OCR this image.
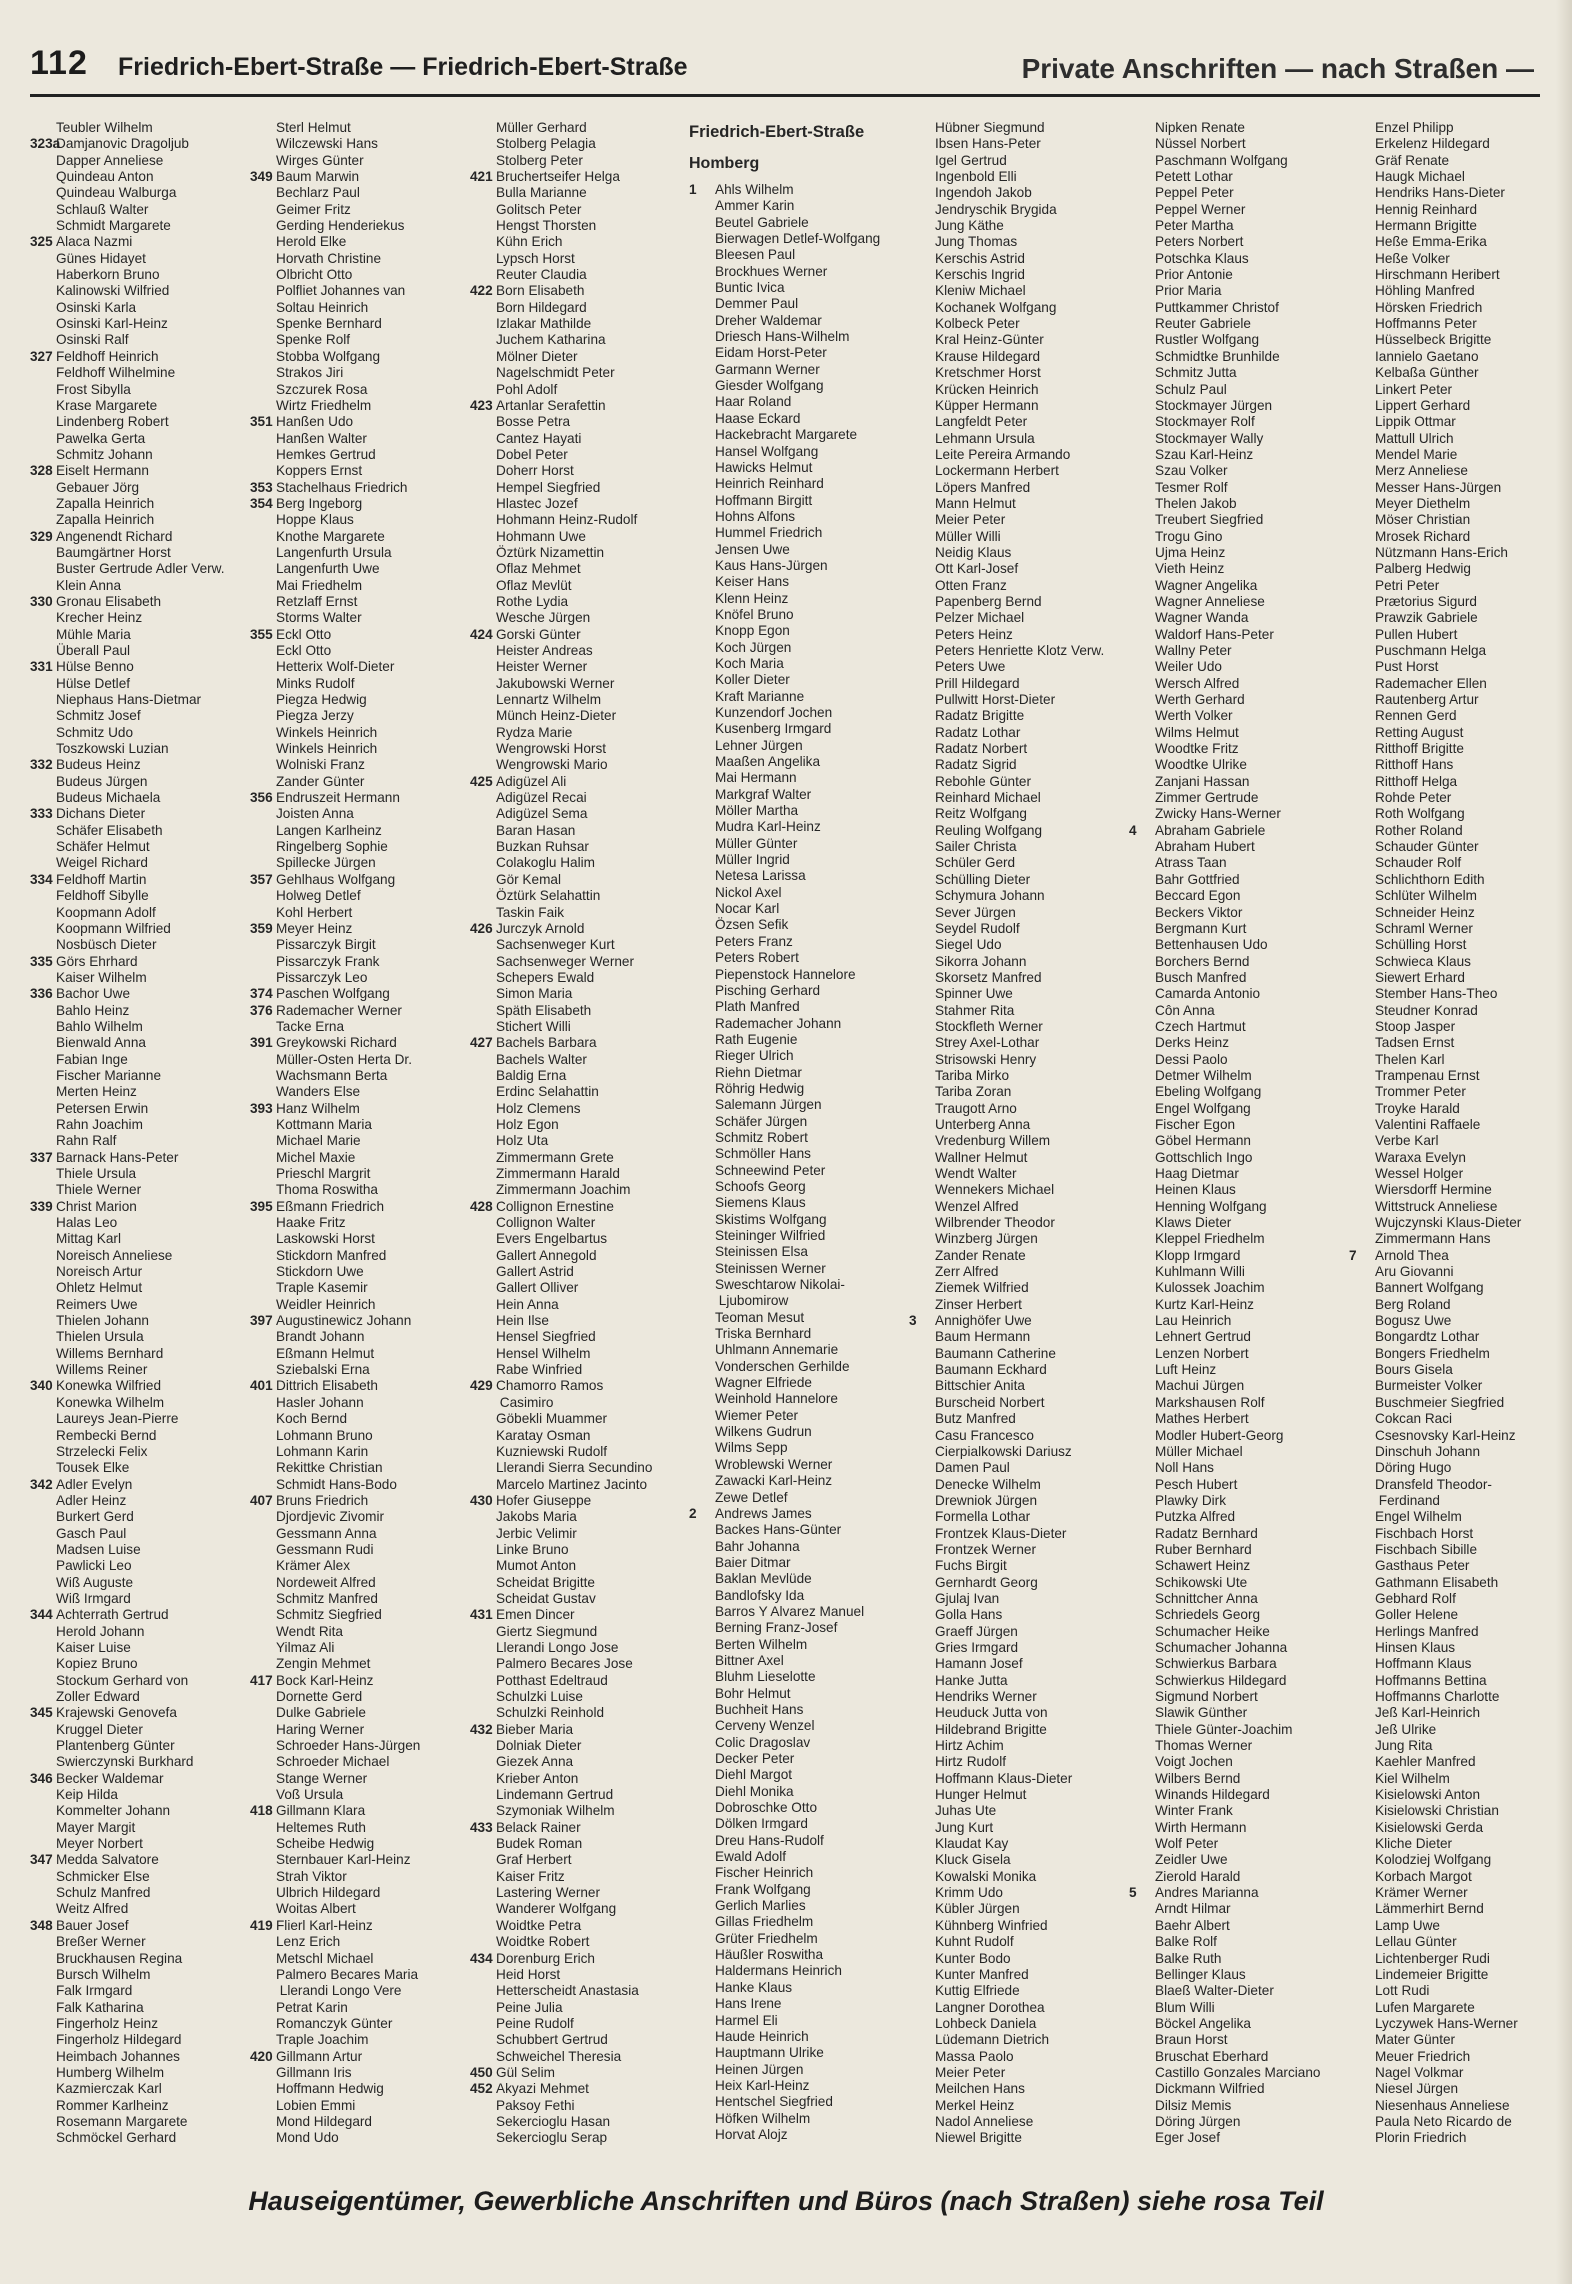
112 Friedrich-Ebert-Straße — Friedrich-Ebert-Straße	Private Anschriften — nach Straßen —
Teubler Wilhelm
323aDamjanovic Dragoljub
Dapper Anneliese
Quindeau Anton
Quindeau Walburga
Schlauß Walter
Schmidt Margarete
325 Alaca Nazmi
Günes Hidayet
Haberkorn Bruno
Kalinowski Wilfried
Osinski Karla
Osinski Karl-Heinz
Osinski Ralf
327 Feldhoff Heinrich
Feldhoff Wilhelmine
Frost Sibylla
Krase Margarete
Lindenberg Robert
Pawelka Gerta
Schmitz Johann
328 Eiselt Hermann
Gebauer Jörg
Zapalla Heinrich
Zapalla Heinrich
329 Angenendt Richard
Baumgärtner Horst
Buster Gertrude Adler Verw.
Klein Anna
330 Gronau Elisabeth
Krecher Heinz
Mühle Maria
Überall Paul
331 Hülse Benno
Hülse Detlef
Niephaus Hans-Dietmar
Schmitz Josef
Schmitz Udo
Toszkowski Luzian
332 Budeus Heinz
Budeus Jürgen
Budeus Michaela
333 Dichans Dieter
Schäfer Elisabeth
Schäfer Helmut
Weigel Richard
334 Feldhoff Martin
Feldhoff Sibylle
Koopmann Adolf
Koopmann Wilfried
Nosbüsch Dieter
335 Görs Ehrhard
Kaiser Wilhelm
336 Bachor Uwe
Bahlo Heinz
Bahlo Wilhelm
Bienwald Anna
Fabian Inge
Fischer Marianne
Merten Heinz
Petersen Erwin
Rahn Joachim
Rahn Ralf
337 Barnack Hans-Peter
Thiele Ursula
Thiele Werner
339 Christ Marion
Halas Leo
Mittag Karl
Noreisch Anneliese
Noreisch Artur
Ohletz Helmut
Reimers Uwe
Thielen Johann
Thielen Ursula
Willems Bernhard
Willems Reiner
340 Konewka Wilfried
Konewka Wilhelm
Laureys Jean-Pierre
Rembecki Bernd
Strzelecki Felix
Tousek Elke
342 Adler Evelyn
Adler Heinz
Burkert Gerd
Gasch Paul
Madsen Luise
Pawlicki Leo
Wiß Auguste
Wiß Irmgard
344 Achterrath Gertrud
Herold Johann
Kaiser Luise
Kopiez Bruno
Stockum Gerhard von
Zoller Edward
345 Krajewski Genovefa
Kruggel Dieter
Plantenberg Günter
Swierczynski Burkhard
346 Becker Waldemar
Keip Hilda
Kommelter Johann
Mayer Margit
Meyer Norbert
347 Medda Salvatore
Schmicker Else
Schulz Manfred
Weitz Alfred
348 Bauer Josef
Breßer Werner
Bruckhausen Regina
Bursch Wilhelm
Falk Irmgard
Falk Katharina
Fingerholz Heinz
Fingerholz Hildegard
Heimbach Johannes
Humberg Wilhelm
Kazmierczak Karl
Rommer Karlheinz
Rosemann Margarete
Schmöckel Gerhard
Sterl Helmut
Wilczewski Hans
Wirges Günter
349 Baum Marwin
Bechlarz Paul
Geimer Fritz
Gerding Henderiekus
Herold Elke
Horvath Christine
Olbricht Otto
Polfliet Johannes van
Soltau Heinrich
Spenke Bernhard
Spenke Rolf
Stobba Wolfgang
Strakos Jiri
Szczurek Rosa
Wirtz Friedhelm
351 Hanßen Udo
Hanßen Walter
Hemkes Gertrud
Koppers Ernst
353 Stachelhaus Friedrich
354 Berg Ingeborg
Hoppe Klaus
Knothe Margarete
Langenfurth Ursula
Langenfurth Uwe
Mai Friedhelm
Retzlaff Ernst
Storms Walter
355 Eckl Otto
Eckl Otto
Hetterix Wolf-Dieter
Minks Rudolf
Piegza Hedwig
Piegza Jerzy
Winkels Heinrich
Winkels Heinrich
Wolniski Franz
Zander Günter
356 Endruszeit Hermann
Joisten Anna
Langen Karlheinz
Ringelberg Sophie
Spillecke Jürgen
357 Gehlhaus Wolfgang
Holweg Detlef
Kohl Herbert
359 Meyer Heinz
Pissarczyk Birgit
Pissarczyk Frank
Pissarczyk Leo
374 Paschen Wolfgang
376 Rademacher Werner
Tacke Erna
391 Greykowski Richard
Müller-Osten Herta Dr.
Wachsmann Berta
Wanders Else
393 Hanz Wilhelm
Kottmann Maria
Michael Marie
Michel Maxie
Prieschl Margrit
Thoma Roswitha
395 Eßmann Friedrich
Haake Fritz
Laskowski Horst
Stickdorn Manfred
Stickdorn Uwe
Traple Kasemir
Weidler Heinrich
397 Augustinewicz Johann
Brandt Johann
Eßmann Helmut
Sziebalski Erna
401 Dittrich Elisabeth
Hasler Johann
Koch Bernd
Lohmann Bruno
Lohmann Karin
Rekittke Christian
Schmidt Hans-Bodo
407 Bruns Friedrich
Djordjevic Zivomir
Gessmann Anna
Gessmann Rudi
Krämer Alex
Nordeweit Alfred
Schmitz Manfred
Schmitz Siegfried
Wendt Rita
Yilmaz Ali
Zengin Mehmet
417 Bock Karl-Heinz
Dornette Gerd
Dulke Gabriele
Haring Werner
Schroeder Hans-Jürgen
Schroeder Michael
Stange Werner
Voß Ursula
418 Gillmann Klara
Heltemes Ruth
Scheibe Hedwig
Sternbauer Karl-Heinz
Strah Viktor
Ulbrich Hildegard
Woitas Albert
419 Flierl Karl-Heinz
Lenz Erich
Metschl Michael
Palmero Becares Maria
Llerandi Longo Vere
Petrat Karin
Romanczyk Günter
Traple Joachim
420 Gillmann Artur
Gillmann Iris
Hoffmann Hedwig
Lobien Emmi
Mond Hildegard
Mond Udo
Müller Gerhard
Stolberg Pelagia
Stolberg Peter
421 Bruchertseifer Helga
Bulla Marianne
Golitsch Peter
Hengst Thorsten
Kühn Erich
Lypsch Horst
Reuter Claudia
422 Born Elisabeth
Born Hildegard
Izlakar Mathilde
Juchem Katharina
Mölner Dieter
Nagelschmidt Peter
Pohl Adolf
423 Artanlar Serafettin
Bosse Petra
Cantez Hayati
Dobel Peter
Doherr Horst
Hempel Siegfried
Hlastec Jozef
Hohmann Heinz-Rudolf
Hohmann Uwe
Öztürk Nizamettin
Oflaz Mehmet
Oflaz Mevlüt
Rothe Lydia
Wesche Jürgen
424 Gorski Günter
Heister Andreas
Heister Werner
Jakubowski Werner
Lennartz Wilhelm
Münch Heinz-Dieter
Rydza Marie
Wengrowski Horst
Wengrowski Mario
425 Adigüzel Ali
Adigüzel Recai
Adigüzel Sema
Baran Hasan
Buzkan Ruhsar
Colakoglu Halim
Gör Kemal
Öztürk Selahattin
Taskin Faik
426 Jurczyk Arnold
Sachsenweger Kurt
Sachsenweger Werner
Schepers Ewald
Simon Maria
Späth Elisabeth
Stichert Willi
427 Bachels Barbara
Bachels Walter
Baldig Erna
Erdinc Selahattin
Holz Clemens
Holz Egon
Holz Uta
Zimmermann Grete
Zimmermann Harald
Zimmermann Joachim
428 Collignon Ernestine
Collignon Walter
Evers Engelbartus
Gallert Annegold
Gallert Astrid
Gallert Olliver
Hein Anna
Hein Ilse
Hensel Siegfried
Hensel Wilhelm
Rabe Winfried
429 Chamorro Ramos
Casimiro
Göbekli Muammer
Karatay Osman
Kuzniewski Rudolf
Llerandi Sierra Secundino
Marcelo Martinez Jacinto
430 Hofer Giuseppe
Jakobs Maria
Jerbic Velimir
Linke Bruno
Mumot Anton
Scheidat Brigitte
Scheidat Gustav
431 Emen Dincer
Giertz Siegmund
Llerandi Longo Jose
Palmero Becares Jose
Potthast Edeltraud
Schulzki Luise
Schulzki Reinhold
432 Bieber Maria
Dolniak Dieter
Giezek Anna
Krieber Anton
Lindemann Gertrud
Szymoniak Wilhelm
433 Belack Rainer
Budek Roman
Graf Herbert
Kaiser Fritz
Lastering Werner
Wanderer Wolfgang
Woidtke Petra
Woidtke Robert
434 Dorenburg Erich
Heid Horst
Hetterscheidt Anastasia
Peine Julia
Peine Rudolf
Schubbert Gertrud
Schweichel Theresia
450 Gül Selim
452 Akyazi Mehmet
Paksoy Fethi
Sekercioglu Hasan
Sekercioglu Serap
Friedrich-Ebert-Straße
Homberg
1 Ahls Wilhelm
Ammer Karin
Beutel Gabriele
Bierwagen Detlef-Wolfgang
Bleesen Paul
Brockhues Werner
Buntic Ivica
Demmer Paul
Dreher Waldemar
Driesch Hans-Wilhelm
Eidam Horst-Peter
Garmann Werner
Giesder Wolfgang
Haar Roland
Haase Eckard
Hackebracht Margarete
Hansel Wolfgang
Hawicks Helmut
Heinrich Reinhard
Hoffmann Birgitt
Hohns Alfons
Hummel Friedrich
Jensen Uwe
Kaus Hans-Jürgen
Keiser Hans
Klenn Heinz
Knöfel Bruno
Knopp Egon
Koch Jürgen
Koch Maria
Koller Dieter
Kraft Marianne
Kunzendorf Jochen
Kusenberg Irmgard
Lehner Jürgen
Maaßen Angelika
Mai Hermann
Markgraf Walter
Möller Martha
Mudra Karl-Heinz
Müller Günter
Müller Ingrid
Netesa Larissa
Nickol Axel
Nocar Karl
Özsen Sefik
Peters Franz
Peters Robert
Piepenstock Hannelore
Pisching Gerhard
Plath Manfred
Rademacher Johann
Rath Eugenie
Rieger Ulrich
Riehn Dietmar
Röhrig Hedwig
Salemann Jürgen
Schäfer Jürgen
Schmitz Robert
Schmöller Hans
Schneewind Peter
Schoofs Georg
Siemens Klaus
Skistims Wolfgang
Steininger Wilfried
Steinissen Elsa
Steinissen Werner
Sweschtarow Nikolai-
Ljubomirow
Teoman Mesut
Triska Bernhard
Uhlmann Annemarie
Vonderschen Gerhilde
Wagner Elfriede
Weinhold Hannelore
Wiemer Peter
Wilkens Gudrun
Wilms Sepp
Wroblewski Werner
Zawacki Karl-Heinz
Zewe Detlef
2 Andrews James
Backes Hans-Günter
Bahr Johanna
Baier Ditmar
Baklan Mevlüde
Bandlofsky Ida
Barros Y Alvarez Manuel
Berning Franz-Josef
Berten Wilhelm
Bittner Axel
Bluhm Lieselotte
Bohr Helmut
Buchheit Hans
Cerveny Wenzel
Colic Dragoslav
Decker Peter
Diehl Margot
Diehl Monika
Dobroschke Otto
Dölken Irmgard
Dreu Hans-Rudolf
Ewald Adolf
Fischer Heinrich
Frank Wolfgang
Gerlich Marlies
Gillas Friedhelm
Grüter Friedhelm
Häußler Roswitha
Haldermans Heinrich
Hanke Klaus
Hans Irene
Harmel Eli
Haude Heinrich
Hauptmann Ulrike
Heinen Jürgen
Heix Karl-Heinz
Hentschel Siegfried
Höfken Wilhelm
Horvat Alojz
Hübner Siegmund
Ibsen Hans-Peter
Igel Gertrud
Ingenbold Elli
Ingendoh Jakob
Jendryschik Brygida
Jung Käthe
Jung Thomas
Kerschis Astrid
Kerschis Ingrid
Kleniw Michael
Kochanek Wolfgang
Kolbeck Peter
Kral Heinz-Günter
Krause Hildegard
Kretschmer Horst
Krücken Heinrich
Küpper Hermann
Langfeldt Peter
Lehmann Ursula
Leite Pereira Armando
Lockermann Herbert
Löpers Manfred
Mann Helmut
Meier Peter
Müller Willi
Neidig Klaus
Ott Karl-Josef
Otten Franz
Papenberg Bernd
Pelzer Michael
Peters Heinz
Peters Henriette Klotz Verw.
Peters Uwe
Prill Hildegard
Pullwitt Horst-Dieter
Radatz Brigitte
Radatz Lothar
Radatz Norbert
Radatz Sigrid
Rebohle Günter
Reinhard Michael
Reitz Wolfgang
Reuling Wolfgang
Sailer Christa
Schüler Gerd
Schülling Dieter
Schymura Johann
Sever Jürgen
Seydel Rudolf
Siegel Udo
Sikorra Johann
Skorsetz Manfred
Spinner Uwe
Stahmer Rita
Stockfleth Werner
Strey Axel-Lothar
Strisowski Henry
Tariba Mirko
Tariba Zoran
Traugott Arno
Unterberg Anna
Vredenburg Willem
Wallner Helmut
Wendt Walter
Wennekers Michael
Wenzel Alfred
Wilbrender Theodor
Winzberg Jürgen
Zander Renate
Zerr Alfred
Ziemek Wilfried
Zinser Herbert
3 Annighöfer Uwe
Baum Hermann
Baumann Catherine
Baumann Eckhard
Bittschier Anita
Burscheid Norbert
Butz Manfred
Casu Francesco
Cierpialkowski Dariusz
Damen Paul
Denecke Wilhelm
Drewniok Jürgen
Formella Lothar
Frontzek Klaus-Dieter
Frontzek Werner
Fuchs Birgit
Gernhardt Georg
Gjulaj Ivan
Golla Hans
Graeff Jürgen
Gries Irmgard
Hamann Josef
Hanke Jutta
Hendriks Werner
Heuduck Jutta von
Hildebrand Brigitte
Hirtz Achim
Hirtz Rudolf
Hoffmann Klaus-Dieter
Hunger Helmut
Juhas Ute
Jung Kurt
Klaudat Kay
Kluck Gisela
Kowalski Monika
Krimm Udo
Kübler Jürgen
Kühnberg Winfried
Kuhnt Rudolf
Kunter Bodo
Kunter Manfred
Kuttig Elfriede
Langner Dorothea
Lohbeck Daniela
Lüdemann Dietrich
Massa Paolo
Meier Peter
Meilchen Hans
Merkel Heinz
Nadol Anneliese
Niewel Brigitte
Nipken Renate
Nüssel Norbert
Paschmann Wolfgang
Petett Lothar
Peppel Peter
Peppel Werner
Peter Martha
Peters Norbert
Potschka Klaus
Prior Antonie
Prior Maria
Puttkammer Christof
Reuter Gabriele
Rustler Wolfgang
Schmidtke Brunhilde
Schmitz Jutta
Schulz Paul
Stockmayer Jürgen
Stockmayer Rolf
Stockmayer Wally
Szau Karl-Heinz
Szau Volker
Tesmer Rolf
Thelen Jakob
Treubert Siegfried
Trogu Gino
Ujma Heinz
Vieth Heinz
Wagner Angelika
Wagner Anneliese
Wagner Wanda
Waldorf Hans-Peter
Wallny Peter
Weiler Udo
Wersch Alfred
Werth Gerhard
Werth Volker
Wilms Helmut
Woodtke Fritz
Woodtke Ulrike
Zanjani Hassan
Zimmer Gertrude
Zwicky Hans-Werner
4 Abraham Gabriele
Abraham Hubert
Atrass Taan
Bahr Gottfried
Beccard Egon
Beckers Viktor
Bergmann Kurt
Bettenhausen Udo
Borchers Bernd
Busch Manfred
Camarda Antonio
Côn Anna
Czech Hartmut
Derks Heinz
Dessi Paolo
Detmer Wilhelm
Ebeling Wolfgang
Engel Wolfgang
Fischer Egon
Göbel Hermann
Gottschlich Ingo
Haag Dietmar
Heinen Klaus
Henning Wolfgang
Klaws Dieter
Kleppel Friedhelm
Klopp Irmgard
Kuhlmann Willi
Kulossek Joachim
Kurtz Karl-Heinz
Lau Heinrich
Lehnert Gertrud
Lenzen Norbert
Luft Heinz
Machui Jürgen
Markshausen Rolf
Mathes Herbert
Modler Hubert-Georg
Müller Michael
Noll Hans
Pesch Hubert
Plawky Dirk
Putzka Alfred
Radatz Bernhard
Ruber Bernhard
Schawert Heinz
Schikowski Ute
Schnittcher Anna
Schriedels Georg
Schumacher Heike
Schumacher Johanna
Schwierkus Barbara
Schwierkus Hildegard
Sigmund Norbert
Slawik Günther
Thiele Günter-Joachim
Thomas Werner
Voigt Jochen
Wilbers Bernd
Winands Hildegard
Winter Frank
Wirth Hermann
Wolf Peter
Zeidler Uwe
Zierold Harald
5 Andres Marianna
Arndt Hilmar
Baehr Albert
Balke Rolf
Balke Ruth
Bellinger Klaus
Blaeß Walter-Dieter
Blum Willi
Böckel Angelika
Braun Horst
Bruschat Eberhard
Castillo Gonzales Marciano
Dickmann Wilfried
Dilsiz Memis
Döring Jürgen
Eger Josef
Enzel Philipp
Erkelenz Hildegard
Gräf Renate
Haugk Michael
Hendriks Hans-Dieter
Hennig Reinhard
Hermann Brigitte
Heße Emma-Erika
Heße Volker
Hirschmann Heribert
Höhling Manfred
Hörsken Friedrich
Hoffmanns Peter
Hüsselbeck Brigitte
Iannielo Gaetano
Kelbaßa Günther
Linkert Peter
Lippert Gerhard
Lippik Ottmar
Mattull Ulrich
Mendel Marie
Merz Anneliese
Messer Hans-Jürgen
Meyer Diethelm
Möser Christian
Mrosek Richard
Nützmann Hans-Erich
Palberg Hedwig
Petri Peter
Prætorius Sigurd
Prawzik Gabriele
Pullen Hubert
Puschmann Helga
Pust Horst
Rademacher Ellen
Rautenberg Artur
Rennen Gerd
Retting August
Ritthoff Brigitte
Ritthoff Hans
Ritthoff Helga
Rohde Peter
Roth Wolfgang
Rother Roland
Schauder Günter
Schauder Rolf
Schlichthorn Edith
Schlüter Wilhelm
Schneider Heinz
Schraml Werner
Schülling Horst
Schwieca Klaus
Siewert Erhard
Stember Hans-Theo
Steudner Konrad
Stoop Jasper
Tadsen Ernst
Thelen Karl
Trampenau Ernst
Trommer Peter
Troyke Harald
Valentini Raffaele
Verbe Karl
Waraxa Evelyn
Wessel Holger
Wiersdorff Hermine
Wittstruck Anneliese
Wujczynski Klaus-Dieter
Zimmermann Hans
7 Arnold Thea
Aru Giovanni
Bannert Wolfgang
Berg Roland
Bogusz Uwe
Bongardtz Lothar
Bongers Friedhelm
Bours Gisela
Burmeister Volker
Buschmeier Siegfried
Cokcan Raci
Csesnovsky Karl-Heinz
Dinschuh Johann
Döring Hugo
Dransfeld Theodor-
Ferdinand
Engel Wilhelm
Fischbach Horst
Fischbach Sibille
Gasthaus Peter
Gathmann Elisabeth
Gebhard Rolf
Goller Helene
Herlings Manfred
Hinsen Klaus
Hoffmann Klaus
Hoffmanns Bettina
Hoffmanns Charlotte
Jeß Karl-Heinrich
Jeß Ulrike
Jung Rita
Kaehler Manfred
Kiel Wilhelm
Kisielowski Anton
Kisielowski Christian
Kisielowski Gerda
Kliche Dieter
Kolodziej Wolfgang
Korbach Margot
Krämer Werner
Lämmerhirt Bernd
Lamp Uwe
Lellau Günter
Lichtenberger Rudi
Lindemeier Brigitte
Lott Rudi
Lufen Margarete
Lyczywek Hans-Werner
Mater Günter
Meuer Friedrich
Nagel Volkmar
Niesel Jürgen
Niesenhaus Anneliese
Paula Neto Ricardo de
Plorin Friedrich
Hauseigentümer, Gewerbliche Anschriften und Büros (nach Straßen) siehe rosa Teil
